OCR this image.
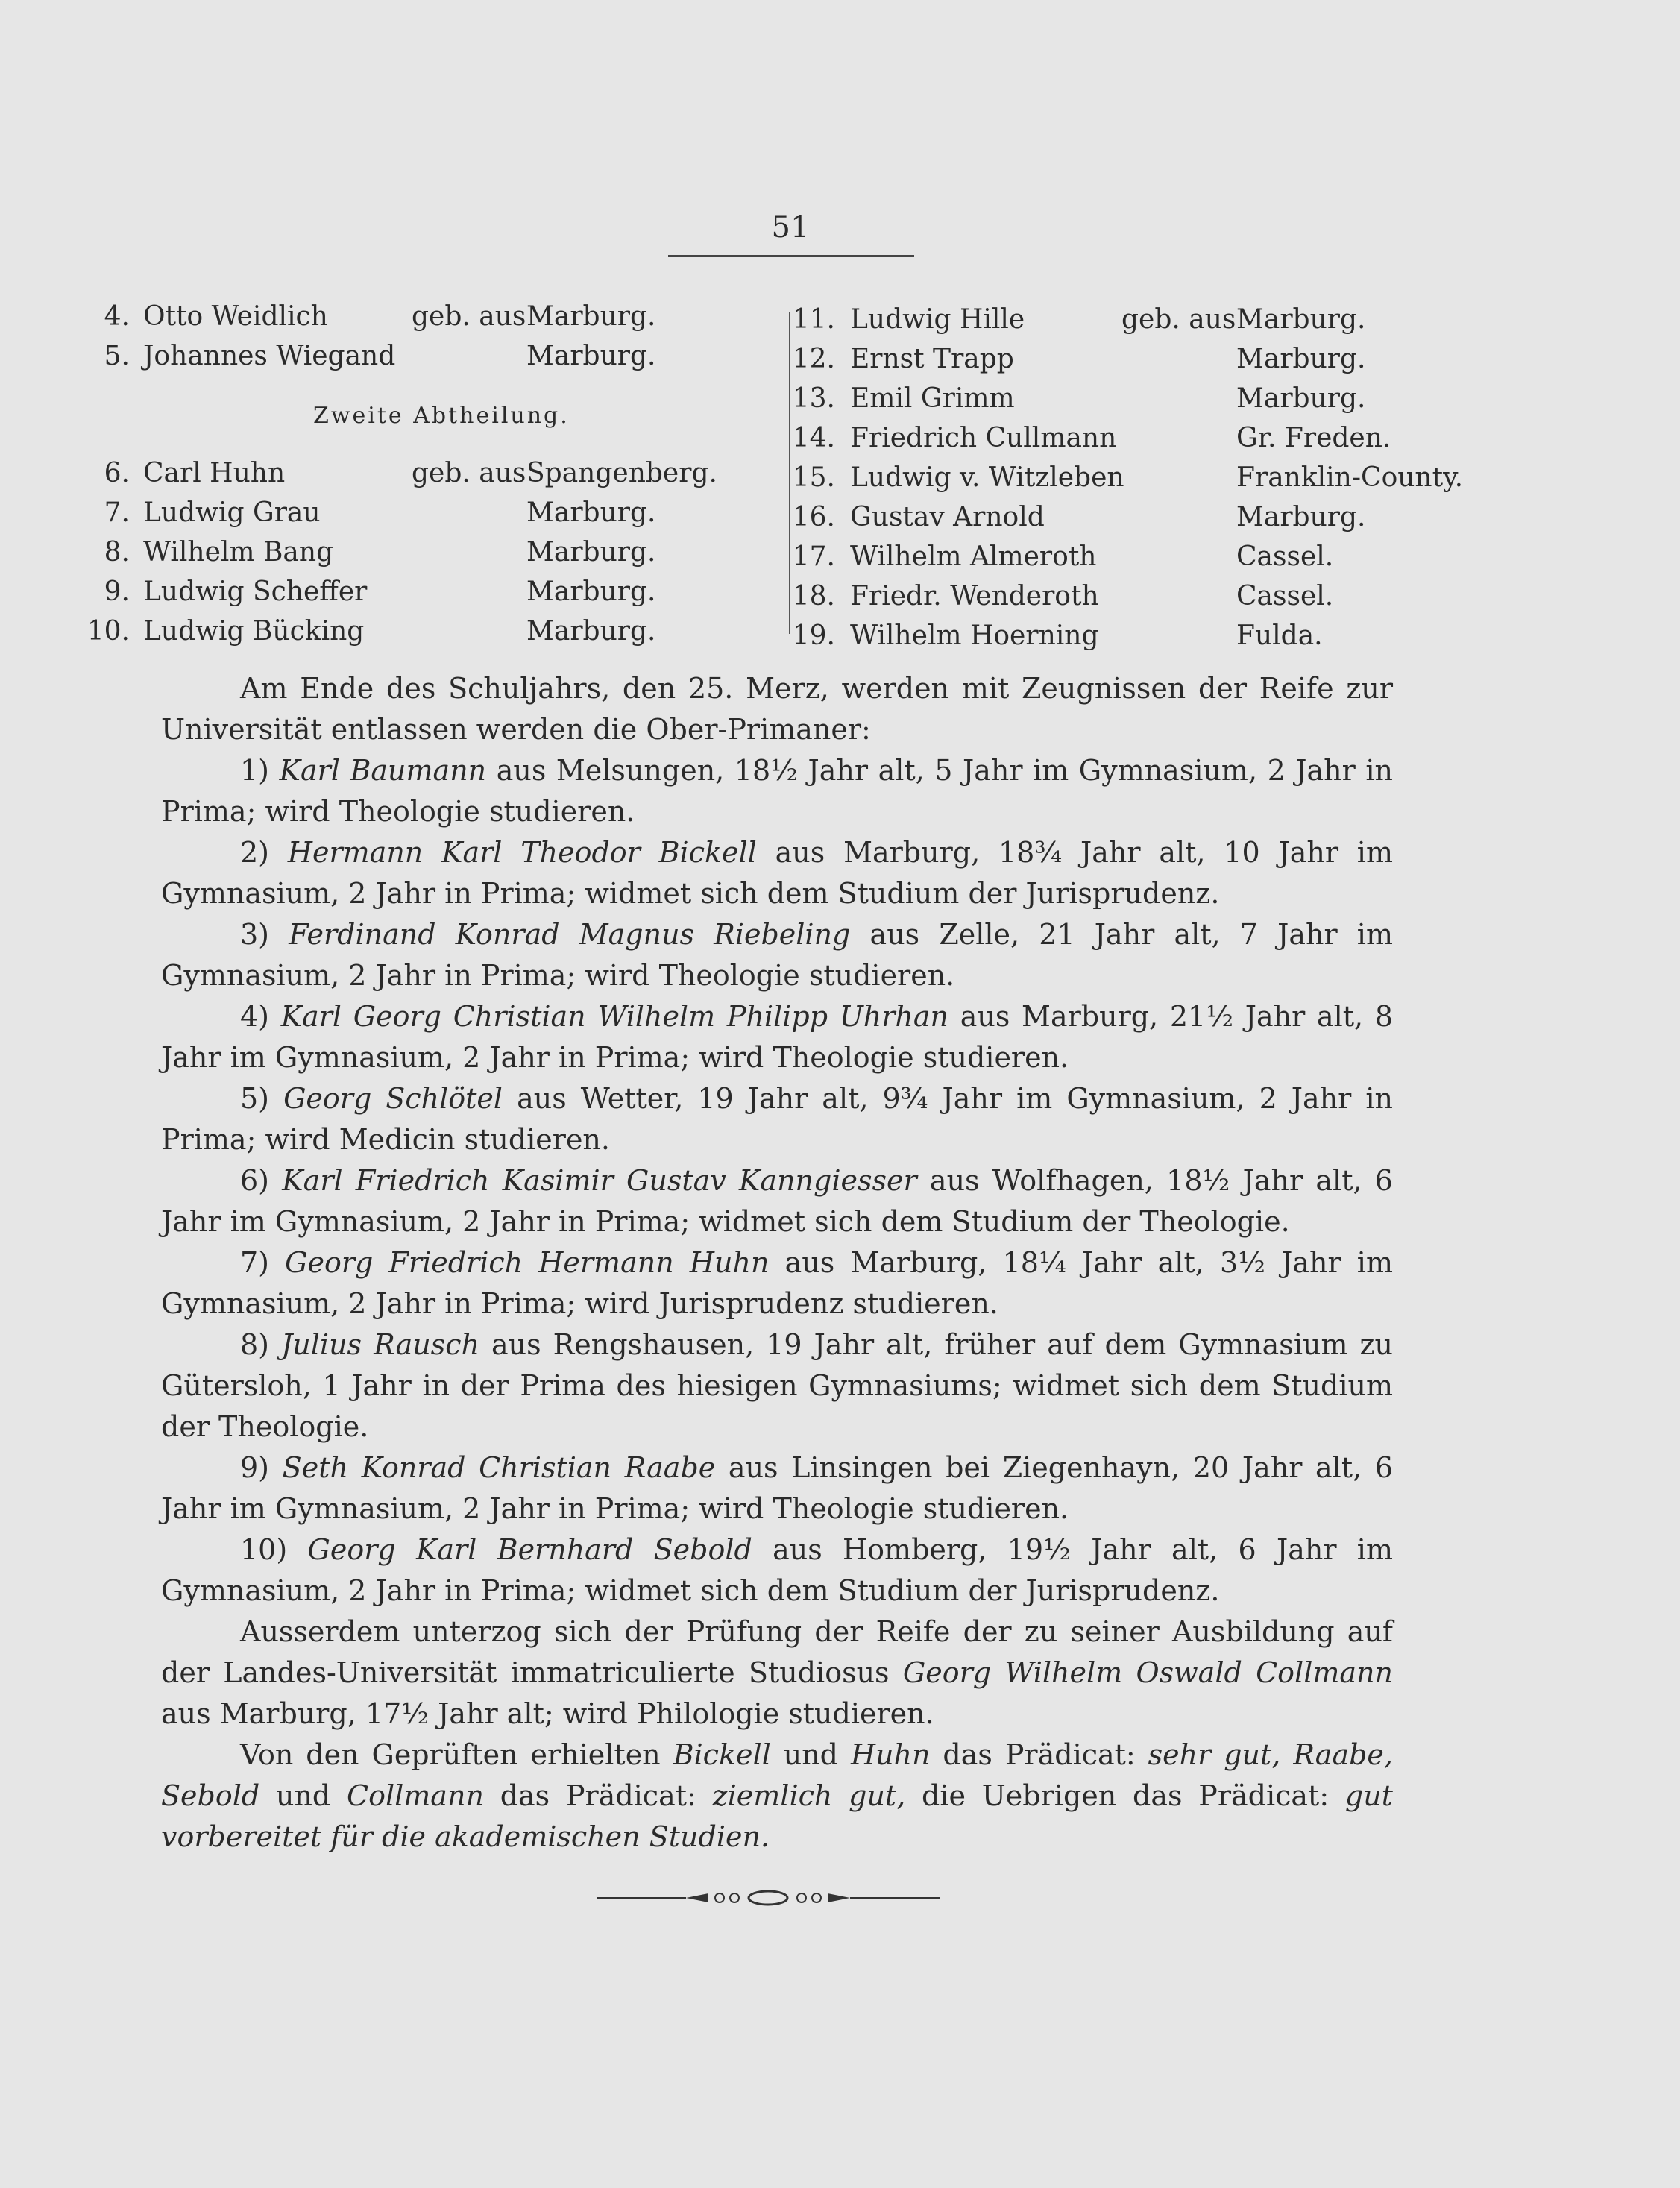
51
4. Otto Weidlich	geb. aus Marburg.
5. Johannes Wiegand	Marburg.
Zweite Abtheilung.
6. Carl Huhn	geb. aus Spangenberg.
7. Ludwig Grau	Marburg.
8. Wilhelm Bang	Marburg.
9. Ludwig Scheffer	Marburg.
10. Ludwig Bücking	Marburg.
11. Ludwig Hille	geb. aus Marburg.
12. Ernst Trapp	Marburg.
13. Emil Grimm	Marburg.
14. Friedrich Cullmann	Gr. Freden.
15. Ludwig v. Witzleben	Franklin-County.
16. Gustav Arnold	Marburg.
17. Wilhelm Almeroth	Cassel.
18. Friedr. Wenderoth	Cassel.
19. Wilhelm Hoerning	Fulda.

Am Ende des Schuljahrs, den 25. Merz, werden mit Zeugnissen der Reife zur Universität entlassen werden die Ober-Primaner:

1) Karl Baumann aus Melsungen, 18½ Jahr alt, 5 Jahr im Gymnasium, 2 Jahr in Prima; wird Theologie studieren.

2) Hermann Karl Theodor Bickell aus Marburg, 18¾ Jahr alt, 10 Jahr im Gymnasium, 2 Jahr in Prima; widmet sich dem Studium der Jurisprudenz.

3) Ferdinand Konrad Magnus Riebeling aus Zelle, 21 Jahr alt, 7 Jahr im Gymnasium, 2 Jahr in Prima; wird Theologie studieren.

4) Karl Georg Christian Wilhelm Philipp Uhrhan aus Marburg, 21½ Jahr alt, 8 Jahr im Gymnasium, 2 Jahr in Prima; wird Theologie studieren.

5) Georg Schlötel aus Wetter, 19 Jahr alt, 9¾ Jahr im Gymnasium, 2 Jahr in Prima; wird Medicin studieren.

6) Karl Friedrich Kasimir Gustav Kanngiesser aus Wolfhagen, 18½ Jahr alt, 6 Jahr im Gymnasium, 2 Jahr in Prima; widmet sich dem Studium der Theologie.

7) Georg Friedrich Hermann Huhn aus Marburg, 18¼ Jahr alt, 3½ Jahr im Gymnasium, 2 Jahr in Prima; wird Jurisprudenz studieren.

8) Julius Rausch aus Rengshausen, 19 Jahr alt, früher auf dem Gymnasium zu Gütersloh, 1 Jahr in der Prima des hiesigen Gymnasiums; widmet sich dem Studium der Theologie.

9) Seth Konrad Christian Raabe aus Linsingen bei Ziegenhayn, 20 Jahr alt, 6 Jahr im Gymnasium, 2 Jahr in Prima; wird Theologie studieren.

10) Georg Karl Bernhard Sebold aus Homberg, 19½ Jahr alt, 6 Jahr im Gymnasium, 2 Jahr in Prima; widmet sich dem Studium der Jurisprudenz.

Ausserdem unterzog sich der Prüfung der Reife der zu seiner Ausbildung auf der Landes-Universität immatriculierte Studiosus Georg Wilhelm Oswald Collmann aus Marburg, 17½ Jahr alt; wird Philologie studieren.

Von den Geprüften erhielten Bickell und Huhn das Prädicat: sehr gut, Raabe, Sebold und Collmann das Prädicat: ziemlich gut, die Uebrigen das Prädicat: gut vorbereitet für die akademischen Studien.
